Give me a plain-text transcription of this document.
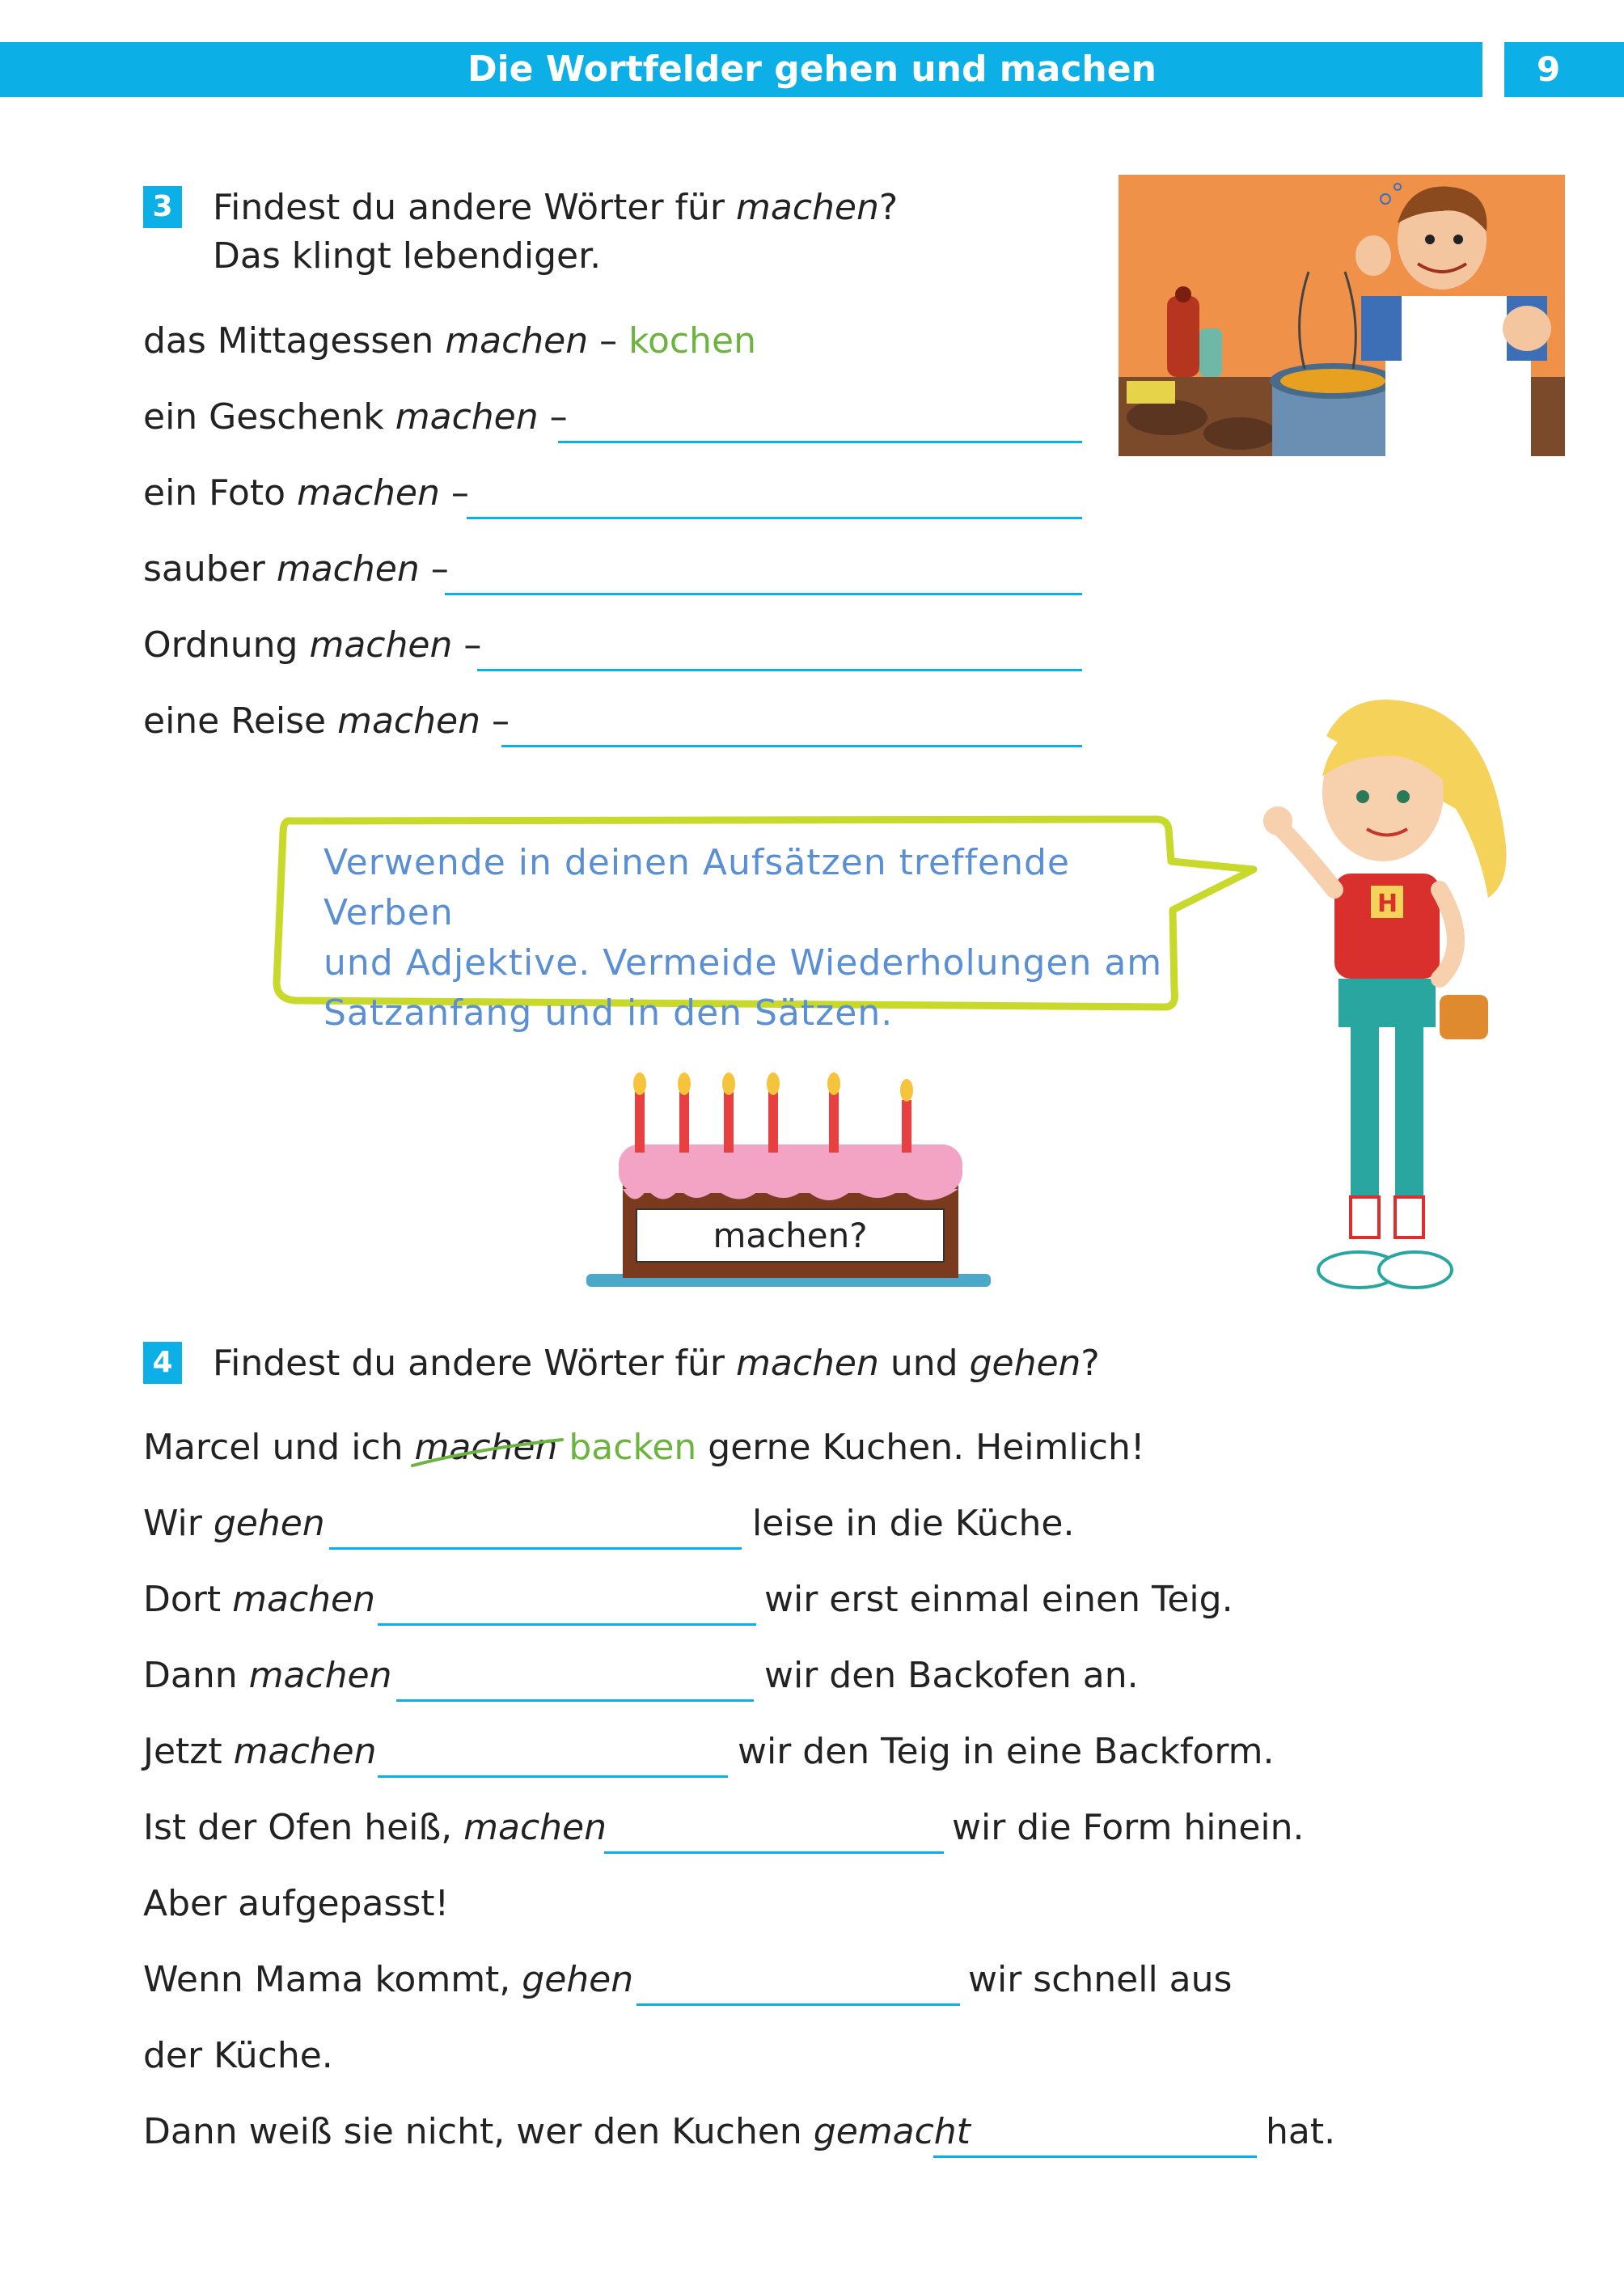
Die Wortfelder gehen und machen	9
3 Findest du andere Wörter für machen?
Das klingt lebendiger.
das Mittagessen machen – kochen
ein Geschenk machen –
ein Foto machen –
sauber machen –
Ordnung machen –
eine Reise machen –
Verwende in deinen Aufsätzen treffende Verben
und Adjektive. Vermeide Wiederholungen am
Satzanfang und in den Sätzen.
H
machen?
4 Findest du andere Wörter für machen und gehen?
Marcel und ich machen backen gerne Kuchen. Heimlich!
Wir gehen	leise in die Küche.
Dort machen	wir erst einmal einen Teig.
Dann machen	wir den Backofen an.
Jetzt machen	wir den Teig in eine Backform.
Ist der Ofen heiß, machen	wir die Form hinein.
Aber aufgepasst!
Wenn Mama kommt, gehen	wir schnell aus
der Küche.
Dann weiß sie nicht, wer den Kuchen gemacht	hat.
